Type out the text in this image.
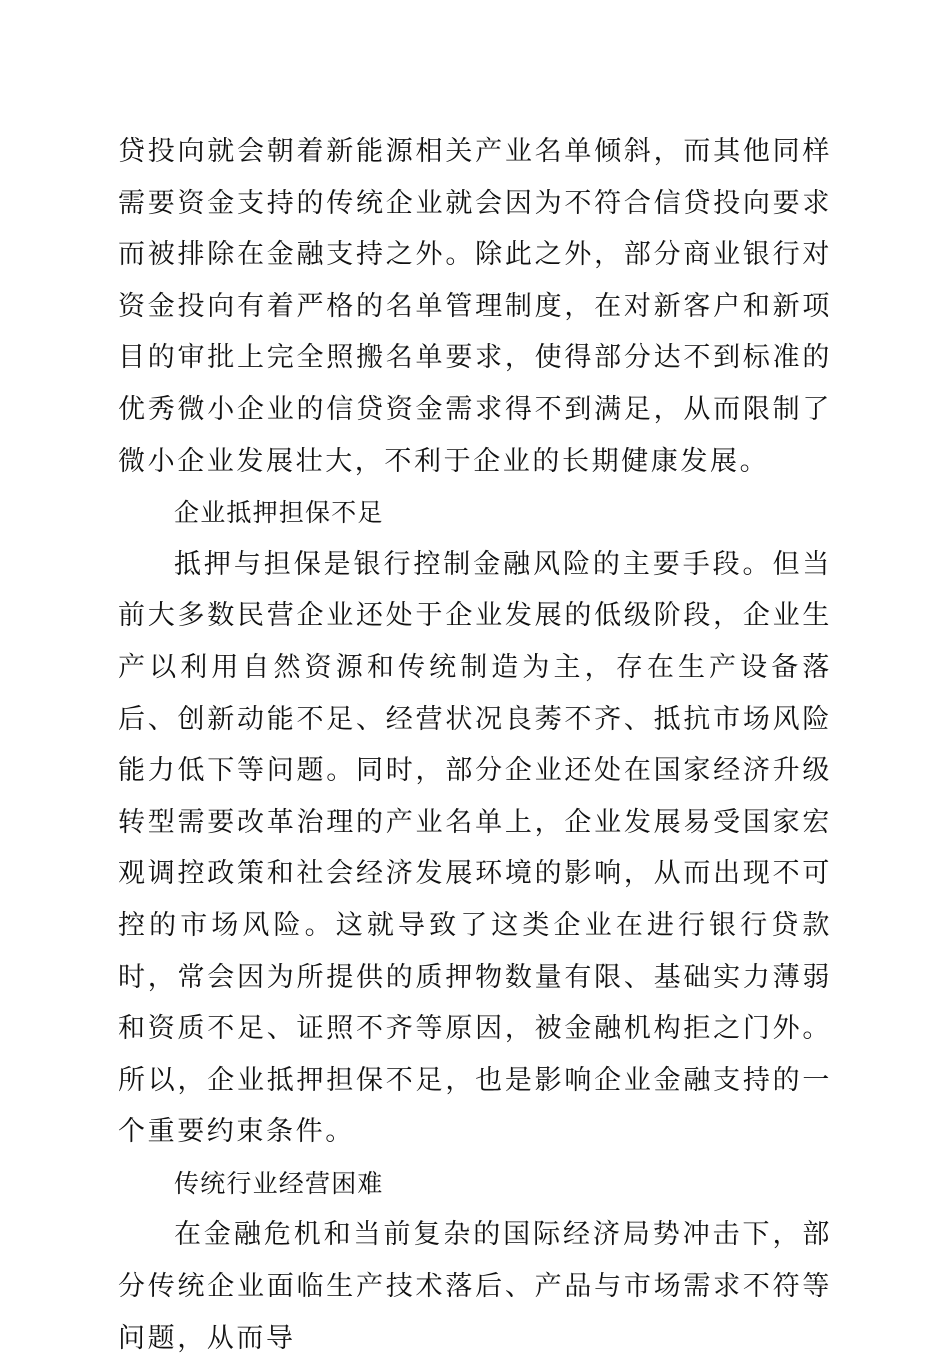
贷投向就会朝着新能源相关产业名单倾斜，而其他同样需要资金支持的传统企业就会因为不符合信贷投向要求而被排除在金融支持之外。除此之外，部分商业银行对资金投向有着严格的名单管理制度，在对新客户和新项目的审批上完全照搬名单要求，使得部分达不到标准的优秀微小企业的信贷资金需求得不到满足，从而限制了微小企业发展壮大，不利于企业的长期健康发展。

企业抵押担保不足

抵押与担保是银行控制金融风险的主要手段。但当前大多数民营企业还处于企业发展的低级阶段，企业生产以利用自然资源和传统制造为主，存在生产设备落后、创新动能不足、经营状况良莠不齐、抵抗市场风险能力低下等问题。同时，部分企业还处在国家经济升级转型需要改革治理的产业名单上，企业发展易受国家宏观调控政策和社会经济发展环境的影响，从而出现不可控的市场风险。这就导致了这类企业在进行银行贷款时，常会因为所提供的质押物数量有限、基础实力薄弱和资质不足、证照不齐等原因，被金融机构拒之门外。所以，企业抵押担保不足，也是影响企业金融支持的一个重要约束条件。

传统行业经营困难

在金融危机和当前复杂的国际经济局势冲击下，部分传统企业面临生产技术落后、产品与市场需求不符等问题，从而导
